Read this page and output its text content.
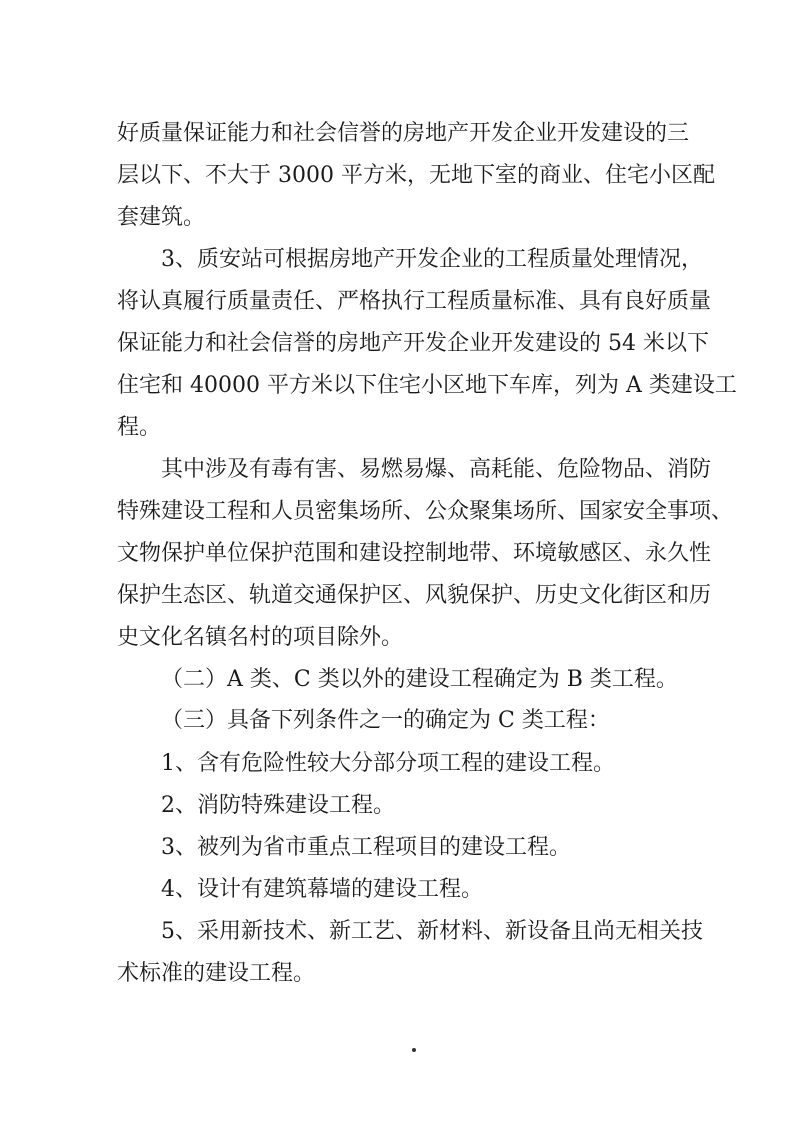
好质量保证能力和社会信誉的房地产开发企业开发建设的三
层以下、不大于 3000 平方米，无地下室的商业、住宅小区配
套建筑。
3、质安站可根据房地产开发企业的工程质量处理情况，
将认真履行质量责任、严格执行工程质量标准、具有良好质量
保证能力和社会信誉的房地产开发企业开发建设的 54 米以下
住宅和 40000 平方米以下住宅小区地下车库，列为 A 类建设工
程。
其中涉及有毒有害、易燃易爆、高耗能、危险物品、消防
特殊建设工程和人员密集场所、公众聚集场所、国家安全事项、
文物保护单位保护范围和建设控制地带、环境敏感区、永久性
保护生态区、轨道交通保护区、风貌保护、历史文化街区和历
史文化名镇名村的项目除外。
（二）A 类、C 类以外的建设工程确定为 B 类工程。
（三）具备下列条件之一的确定为 C 类工程：
1、含有危险性较大分部分项工程的建设工程。
2、消防特殊建设工程。
3、被列为省市重点工程项目的建设工程。
4、设计有建筑幕墙的建设工程。
5、采用新技术、新工艺、新材料、新设备且尚无相关技
术标准的建设工程。
